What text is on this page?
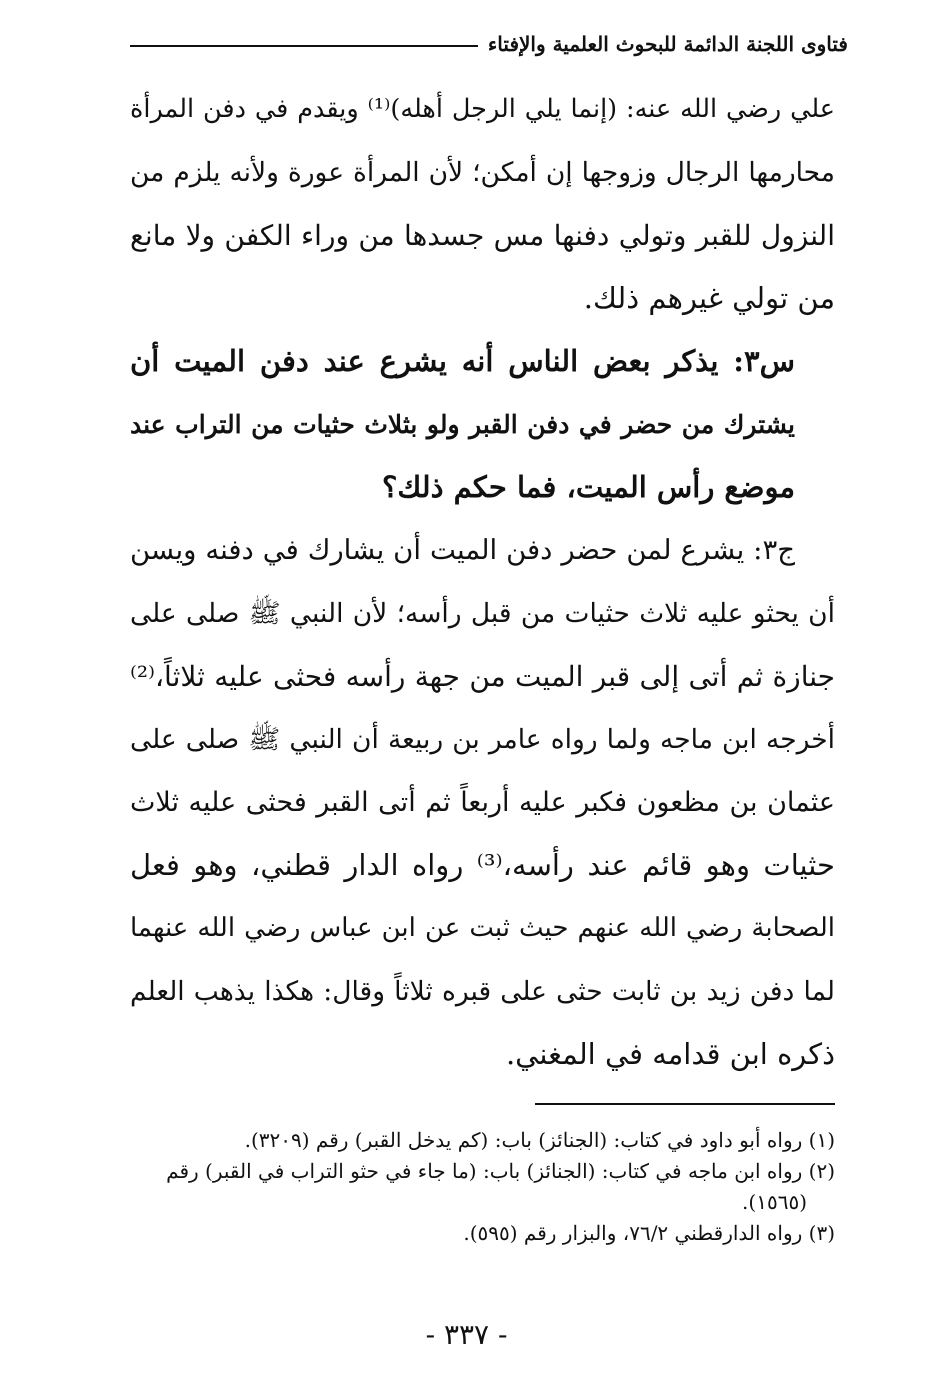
فتاوى اللجنة الدائمة للبحوث العلمية والإفتاء
علي رضي الله عنه: (إنما يلي الرجل أهله)⁽¹⁾ ويقدم في دفن المرأة
محارمها الرجال وزوجها إن أمكن؛ لأن المرأة عورة ولأنه يلزم من
النزول للقبر وتولي دفنها مس جسدها من وراء الكفن ولا مانع
من تولي غيرهم ذلك.
س٣: يذكر بعض الناس أنه يشرع عند دفن الميت أن
يشترك من حضر في دفن القبر ولو بثلاث حثيات من التراب عند
موضع رأس الميت، فما حكم ذلك؟
ج٣: يشرع لمن حضر دفن الميت أن يشارك في دفنه ويسن
أن يحثو عليه ثلاث حثيات من قبل رأسه؛ لأن النبي ﷺ صلى على
جنازة ثم أتى إلى قبر الميت من جهة رأسه فحثى عليه ثلاثاً،⁽²⁾
أخرجه ابن ماجه ولما رواه عامر بن ربيعة أن النبي ﷺ صلى على
عثمان بن مظعون فكبر عليه أربعاً ثم أتى القبر فحثى عليه ثلاث
حثيات وهو قائم عند رأسه،⁽³⁾ رواه الدار قطني، وهو فعل
الصحابة رضي الله عنهم حيث ثبت عن ابن عباس رضي الله عنهما
لما دفن زيد بن ثابت حثى على قبره ثلاثاً وقال: هكذا يذهب العلم
ذكره ابن قدامه في المغني.
(١) رواه أبو داود في كتاب: (الجنائز) باب: (كم يدخل القبر) رقم (٣٢٠٩).
(٢) رواه ابن ماجه في كتاب: (الجنائز) باب: (ما جاء في حثو التراب في القبر) رقم
(١٥٦٥).
(٣) رواه الدارقطني ٧٦/٢، والبزار رقم (٥٩٥).
- ٣٣٧ -
